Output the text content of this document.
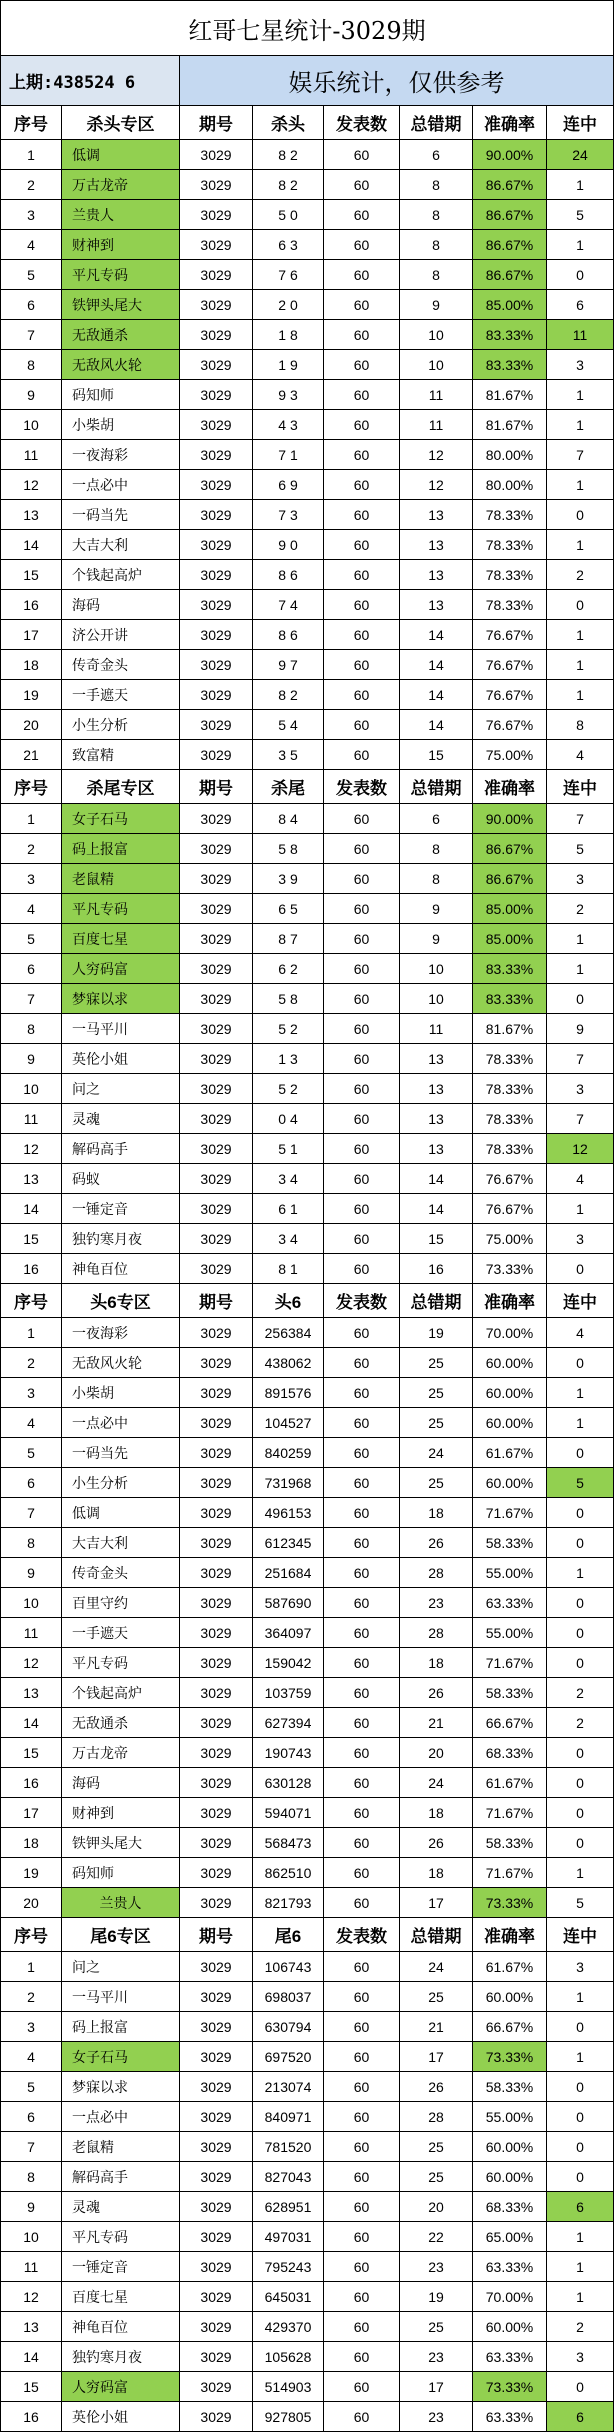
红哥七星统计-3029期
上期:438524 6	娱乐统计，仅供参考
序号	杀头专区	期号	杀头	发表数	总错期	准确率	连中
1	低调	3029	8 2	60	6	90.00%	24
2	万古龙帝	3029	8 2	60	8	86.67%	1
3	兰贵人	3029	5 0	60	8	86.67%	5
4	财神到	3029	6 3	60	8	86.67%	1
5	平凡专码	3029	7 6	60	8	86.67%	0
6	铁钾头尾大	3029	2 0	60	9	85.00%	6
7	无敌通杀	3029	1 8	60	10	83.33%	11
8	无敌风火轮	3029	1 9	60	10	83.33%	3
9	码知师	3029	9 3	60	11	81.67%	1
10	小柴胡	3029	4 3	60	11	81.67%	1
11	一夜海彩	3029	7 1	60	12	80.00%	7
12	一点必中	3029	6 9	60	12	80.00%	1
13	一码当先	3029	7 3	60	13	78.33%	0
14	大吉大利	3029	9 0	60	13	78.33%	1
15	个钱起高炉	3029	8 6	60	13	78.33%	2
16	海码	3029	7 4	60	13	78.33%	0
17	济公开讲	3029	8 6	60	14	76.67%	1
18	传奇金头	3029	9 7	60	14	76.67%	1
19	一手遮天	3029	8 2	60	14	76.67%	1
20	小生分析	3029	5 4	60	14	76.67%	8
21	致富精	3029	3 5	60	15	75.00%	4
序号	杀尾专区	期号	杀尾	发表数	总错期	准确率	连中
1	女子石马	3029	8 4	60	6	90.00%	7
2	码上报富	3029	5 8	60	8	86.67%	5
3	老鼠精	3029	3 9	60	8	86.67%	3
4	平凡专码	3029	6 5	60	9	85.00%	2
5	百度七星	3029	8 7	60	9	85.00%	1
6	人穷码富	3029	6 2	60	10	83.33%	1
7	梦寐以求	3029	5 8	60	10	83.33%	0
8	一马平川	3029	5 2	60	11	81.67%	9
9	英伦小姐	3029	1 3	60	13	78.33%	7
10	问之	3029	5 2	60	13	78.33%	3
11	灵魂	3029	0 4	60	13	78.33%	7
12	解码高手	3029	5 1	60	13	78.33%	12
13	码蚁	3029	3 4	60	14	76.67%	4
14	一锤定音	3029	6 1	60	14	76.67%	1
15	独钓寒月夜	3029	3 4	60	15	75.00%	3
16	神龟百位	3029	8 1	60	16	73.33%	0
序号	头6专区	期号	头6	发表数	总错期	准确率	连中
1	一夜海彩	3029	256384	60	19	70.00%	4
2	无敌风火轮	3029	438062	60	25	60.00%	0
3	小柴胡	3029	891576	60	25	60.00%	1
4	一点必中	3029	104527	60	25	60.00%	1
5	一码当先	3029	840259	60	24	61.67%	0
6	小生分析	3029	731968	60	25	60.00%	5
7	低调	3029	496153	60	18	71.67%	0
8	大吉大利	3029	612345	60	26	58.33%	0
9	传奇金头	3029	251684	60	28	55.00%	1
10	百里守约	3029	587690	60	23	63.33%	0
11	一手遮天	3029	364097	60	28	55.00%	0
12	平凡专码	3029	159042	60	18	71.67%	0
13	个钱起高炉	3029	103759	60	26	58.33%	2
14	无敌通杀	3029	627394	60	21	66.67%	2
15	万古龙帝	3029	190743	60	20	68.33%	0
16	海码	3029	630128	60	24	61.67%	0
17	财神到	3029	594071	60	18	71.67%	0
18	铁钾头尾大	3029	568473	60	26	58.33%	0
19	码知师	3029	862510	60	18	71.67%	1
20	兰贵人	3029	821793	60	17	73.33%	5
序号	尾6专区	期号	尾6	发表数	总错期	准确率	连中
1	问之	3029	106743	60	24	61.67%	3
2	一马平川	3029	698037	60	25	60.00%	1
3	码上报富	3029	630794	60	21	66.67%	0
4	女子石马	3029	697520	60	17	73.33%	1
5	梦寐以求	3029	213074	60	26	58.33%	0
6	一点必中	3029	840971	60	28	55.00%	0
7	老鼠精	3029	781520	60	25	60.00%	0
8	解码高手	3029	827043	60	25	60.00%	0
9	灵魂	3029	628951	60	20	68.33%	6
10	平凡专码	3029	497031	60	22	65.00%	1
11	一锤定音	3029	795243	60	23	63.33%	1
12	百度七星	3029	645031	60	19	70.00%	1
13	神龟百位	3029	429370	60	25	60.00%	2
14	独钓寒月夜	3029	105628	60	23	63.33%	3
15	人穷码富	3029	514903	60	17	73.33%	0
16	英伦小姐	3029	927805	60	23	63.33%	6
